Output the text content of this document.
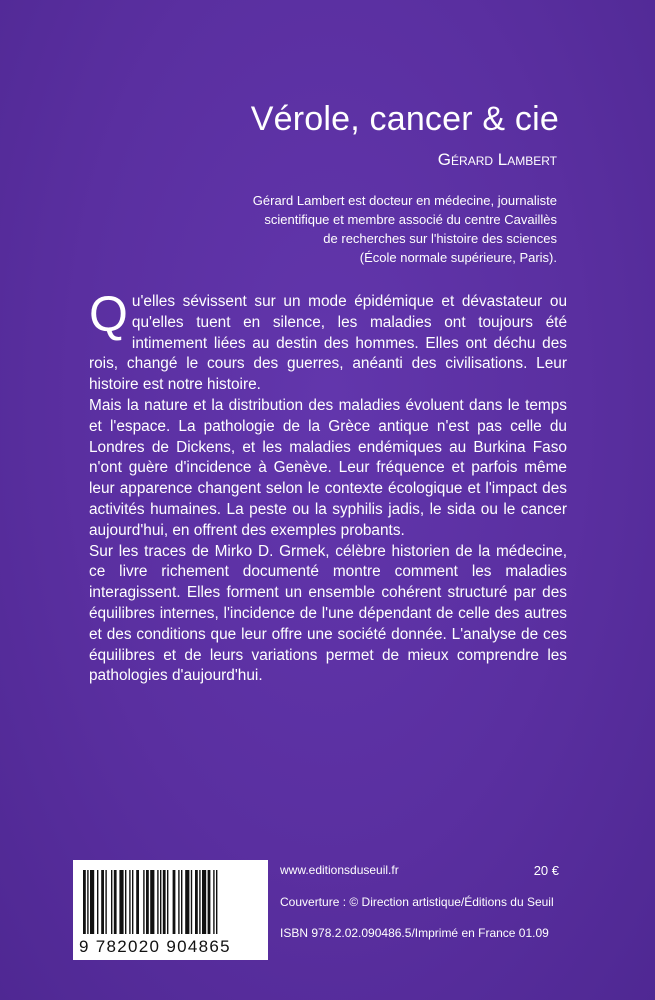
Vérole, cancer & cie
Gérard Lambert
Gérard Lambert est docteur en médecine, journaliste
scientifique et membre associé du centre Cavaillès
de recherches sur l'histoire des sciences
(École normale supérieure, Paris).

Qu'elles sévissent sur un mode épidémique et dévastateur ou qu'elles tuent en silence, les maladies ont toujours été intimement liées au destin des hommes. Elles ont déchu des rois, changé le cours des guerres, anéanti des civilisations. Leur histoire est notre histoire.

Mais la nature et la distribution des maladies évoluent dans le temps et l'espace. La pathologie de la Grèce antique n'est pas celle du Londres de Dickens, et les maladies endémiques au Burkina Faso n'ont guère d'incidence à Genève. Leur fréquence et parfois même leur apparence changent selon le contexte écologique et l'impact des activités humaines. La peste ou la syphilis jadis, le sida ou le cancer aujourd'hui, en offrent des exemples probants.

Sur les traces de Mirko D. Grmek, célèbre historien de la médecine, ce livre richement documenté montre comment les maladies interagissent. Elles forment un ensemble cohérent structuré par des équilibres internes, l'incidence de l'une dépendant de celle des autres et des conditions que leur offre une société donnée. L'analyse de ces équilibres et de leurs variations permet de mieux comprendre les pathologies d'aujourd'hui.

9 782020 904865
www.editionsduseuil.fr	20 €
Couverture : © Direction artistique/Éditions du Seuil
ISBN 978.2.02.090486.5/Imprimé en France 01.09
